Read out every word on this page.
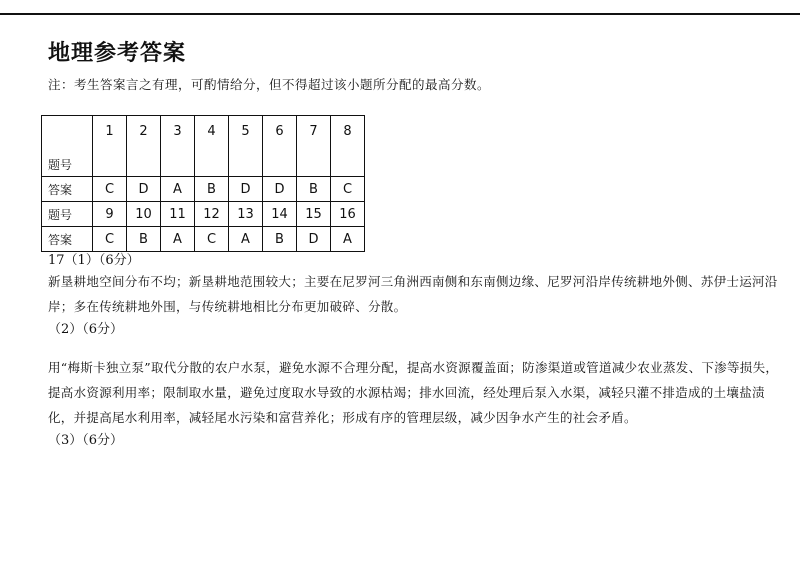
地理参考答案

注：考生答案言之有理，可酌情给分，但不得超过该小题所分配的最高分数。

题号	1	2	3	4	5	6	7	8
答案	C	D	A	B	D	D	B	C
题号	9	10	11	12	13	14	15	16
答案	C	B	A	C	A	B	D	A

17（1）（6分）

新垦耕地空间分布不均；新垦耕地范围较大；主要在尼罗河三角洲西南侧和东南侧边缘、尼罗河沿岸传统耕地外侧、苏伊士运河沿岸；多在传统耕地外围，与传统耕地相比分布更加破碎、分散。

（2）（6分）

用“梅斯卡独立泵”取代分散的农户水泵，避免水源不合理分配，提高水资源覆盖面；防渗渠道或管道减少农业蒸发、下渗等损失，提高水资源利用率；限制取水量，避免过度取水导致的水源枯竭；排水回流，经处理后泵入水渠，减轻只灌不排造成的土壤盐渍化，并提高尾水利用率，减轻尾水污染和富营养化；形成有序的管理层级，减少因争水产生的社会矛盾。

（3）（6分）
